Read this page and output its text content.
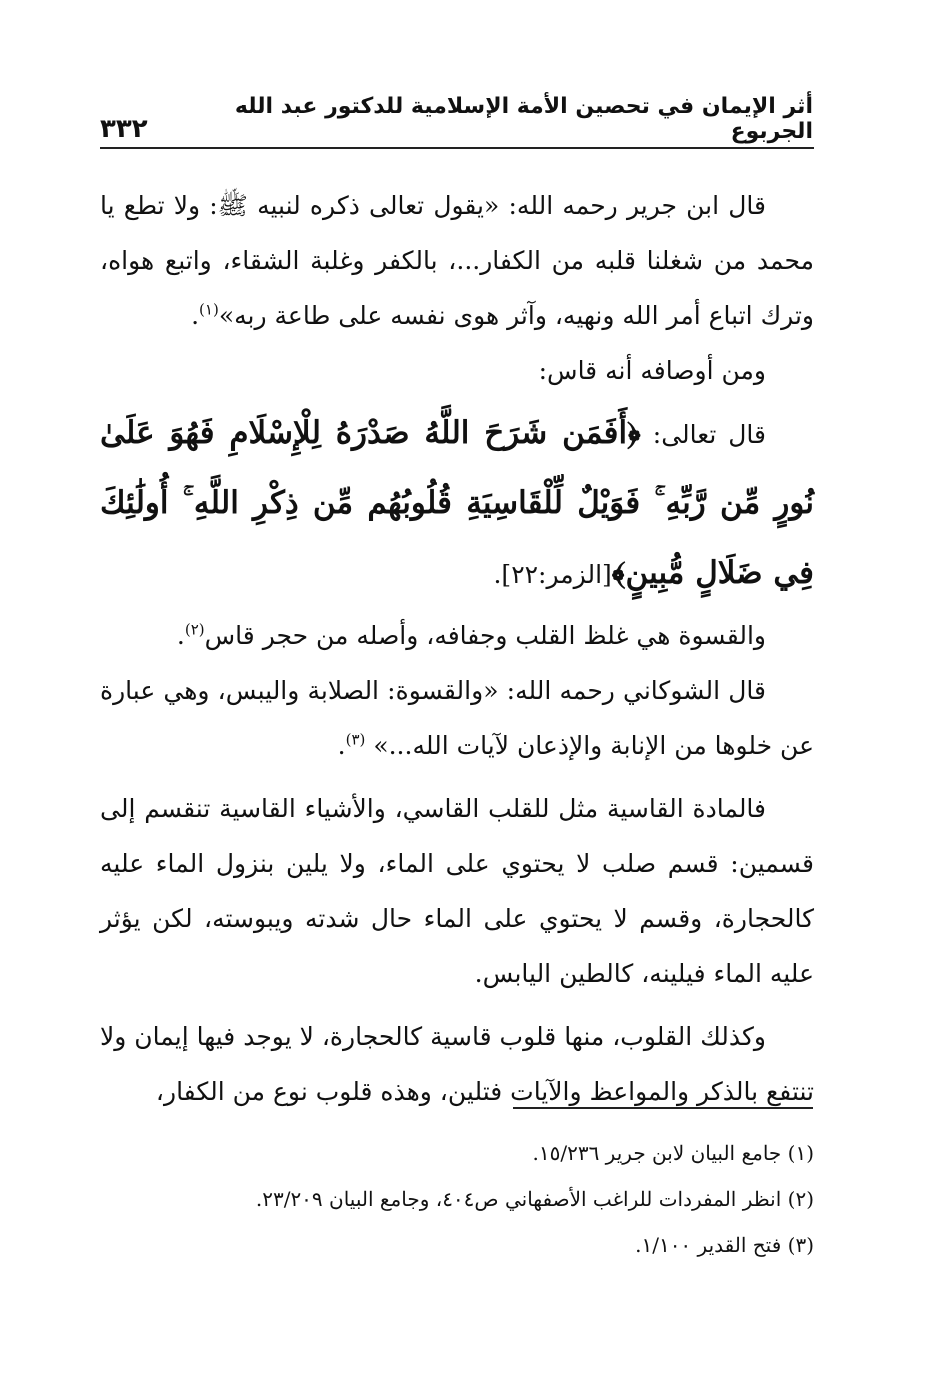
أثر الإيمان في تحصين الأمة الإسلامية للدكتور عبد الله الجربوع
٣٣٢

قال ابن جرير رحمه الله: «يقول تعالى ذكره لنبيه ﷺ: ولا تطع يا محمد من شغلنا قلبه من الكفار...، بالكفر وغلبة الشقاء، واتبع هواه، وترك اتباع أمر الله ونهيه، وآثر هوى نفسه على طاعة ربه»$^{(١)}$.

ومن أوصافه أنه قاس:

قال تعالى: ﴿أَفَمَن شَرَحَ اللَّهُ صَدْرَهُ لِلْإِسْلَامِ فَهُوَ عَلَىٰ نُورٍ مِّن رَّبِّهِ ۚ فَوَيْلٌ لِّلْقَاسِيَةِ قُلُوبُهُم مِّن ذِكْرِ اللَّهِ ۚ أُولَٰئِكَ فِي ضَلَالٍ مُّبِينٍ﴾[الزمر:٢٢].

والقسوة هي غلظ القلب وجفافه، وأصله من حجر قاس$^{(٢)}$.

قال الشوكاني رحمه الله: «والقسوة: الصلابة واليبس، وهي عبارة عن خلوها من الإنابة والإذعان لآيات الله...» $^{(٣)}$.

فالمادة القاسية مثل للقلب القاسي، والأشياء القاسية تنقسم إلى قسمين: قسم صلب لا يحتوي على الماء، ولا يلين بنزول الماء عليه كالحجارة، وقسم لا يحتوي على الماء حال شدته ويبوسته، لكن يؤثر عليه الماء فيلينه، كالطين اليابس.

وكذلك القلوب، منها قلوب قاسية كالحجارة، لا يوجد فيها إيمان ولا تنتفع بالذكر والمواعظ والآيات فتلين، وهذه قلوب نوع من الكفار،

(١) جامع البيان لابن جرير ١٥/٢٣٦.

(٢) انظر المفردات للراغب الأصفهاني ص٤٠٤، وجامع البيان ٢٣/٢٠٩.

(٣) فتح القدير ١/١٠٠.
